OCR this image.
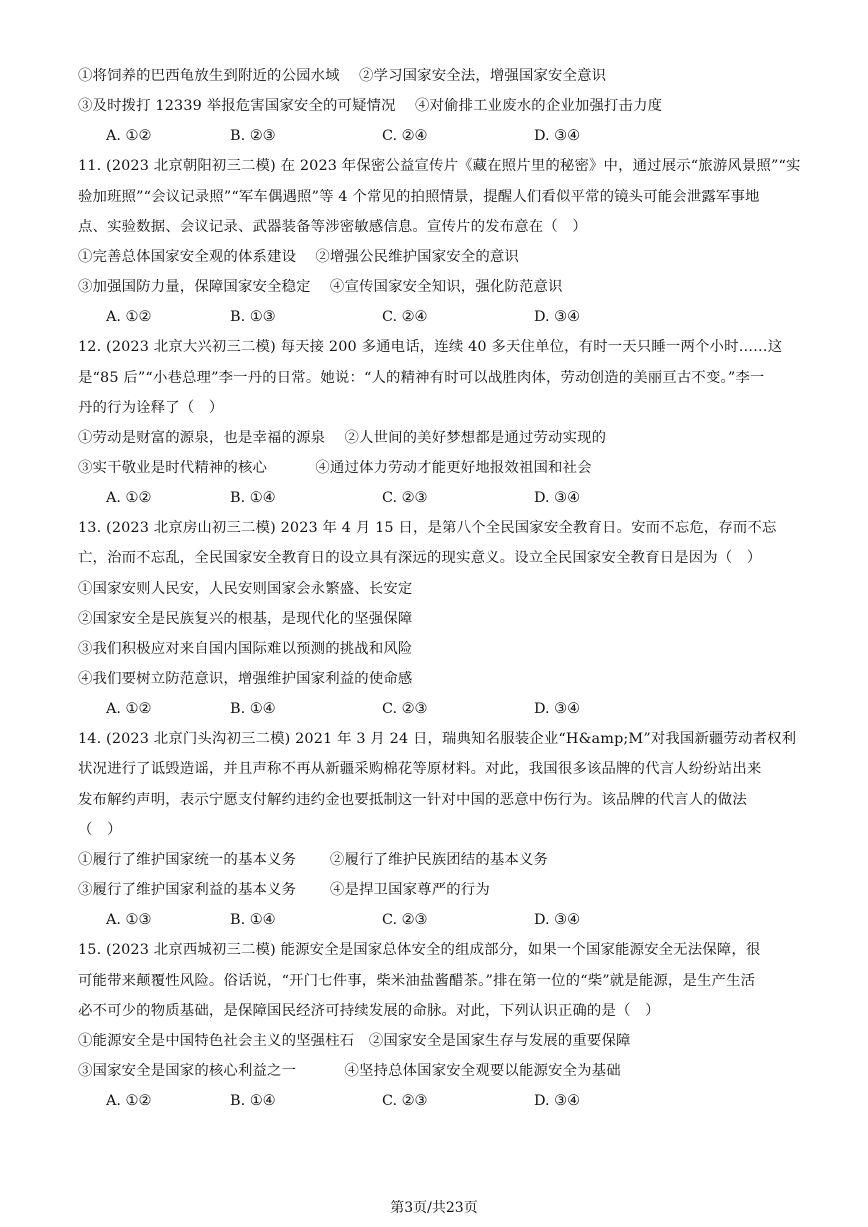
①将饲养的巴西龟放生到附近的公园水域　 ②学习国家安全法，增强国家安全意识
③及时拨打 12339 举报危害国家安全的可疑情况　 ④对偷排工业废水的企业加强打击力度
A. ①②	B. ②③	C. ②④	D. ③④
11. (2023 北京朝阳初三二模) 在 2023 年保密公益宣传片《藏在照片里的秘密》中，通过展示“旅游风景照”“实
验加班照”“会议记录照”“军车偶遇照”等 4 个常见的拍照情景，提醒人们看似平常的镜头可能会泄露军事地
点、实验数据、会议记录、武器装备等涉密敏感信息。宣传片的发布意在（　）
①完善总体国家安全观的体系建设　 ②增强公民维护国家安全的意识
③加强国防力量，保障国家安全稳定　 ④宣传国家安全知识，强化防范意识
A. ①②	B. ①③	C. ②④	D. ③④
12. (2023 北京大兴初三二模) 每天接 200 多通电话，连续 40 多天住单位，有时一天只睡一两个小时……这
是“85 后”“小巷总理”李一丹的日常。她说：“人的精神有时可以战胜肉体，劳动创造的美丽亘古不变。”李一
丹的行为诠释了（　）
①劳动是财富的源泉，也是幸福的源泉　 ②人世间的美好梦想都是通过劳动实现的
③实干敬业是时代精神的核心　　　 ④通过体力劳动才能更好地报效祖国和社会
A. ①②	B. ①④	C. ②③	D. ③④
13. (2023 北京房山初三二模) 2023 年 4 月 15 日，是第八个全民国家安全教育日。安而不忘危，存而不忘
亡，治而不忘乱，全民国家安全教育日的设立具有深远的现实意义。设立全民国家安全教育日是因为（　）
①国家安则人民安，人民安则国家会永繁盛、长安定
②国家安全是民族复兴的根基，是现代化的坚强保障
③我们积极应对来自国内国际难以预测的挑战和风险
④我们要树立防范意识，增强维护国家利益的使命感
A. ①②	B. ①④	C. ②③	D. ③④
14. (2023 北京门头沟初三二模) 2021 年 3 月 24 日，瑞典知名服装企业“H&amp;M”对我国新疆劳动者权利
状况进行了诋毁造谣，并且声称不再从新疆采购棉花等原材料。对此，我国很多该品牌的代言人纷纷站出来
发布解约声明，表示宁愿支付解约违约金也要抵制这一针对中国的恶意中伤行为。该品牌的代言人的做法
（　）
①履行了维护国家统一的基本义务　　 ②履行了维护民族团结的基本义务
③履行了维护国家利益的基本义务　　 ④是捍卫国家尊严的行为
A. ①③	B. ①④	C. ②③	D. ③④
15. (2023 北京西城初三二模) 能源安全是国家总体安全的组成部分，如果一个国家能源安全无法保障，很
可能带来颠覆性风险。俗话说，“开门七件事，柴米油盐酱醋茶。”排在第一位的“柴”就是能源，是生产生活
必不可少的物质基础，是保障国民经济可持续发展的命脉。对此，下列认识正确的是（　）
①能源安全是中国特色社会主义的坚强柱石　②国家安全是国家生存与发展的重要保障
③国家安全是国家的核心利益之一　　　 ④坚持总体国家安全观要以能源安全为基础
A. ①②	B. ①④	C. ②③	D. ③④
第3页/共23页
